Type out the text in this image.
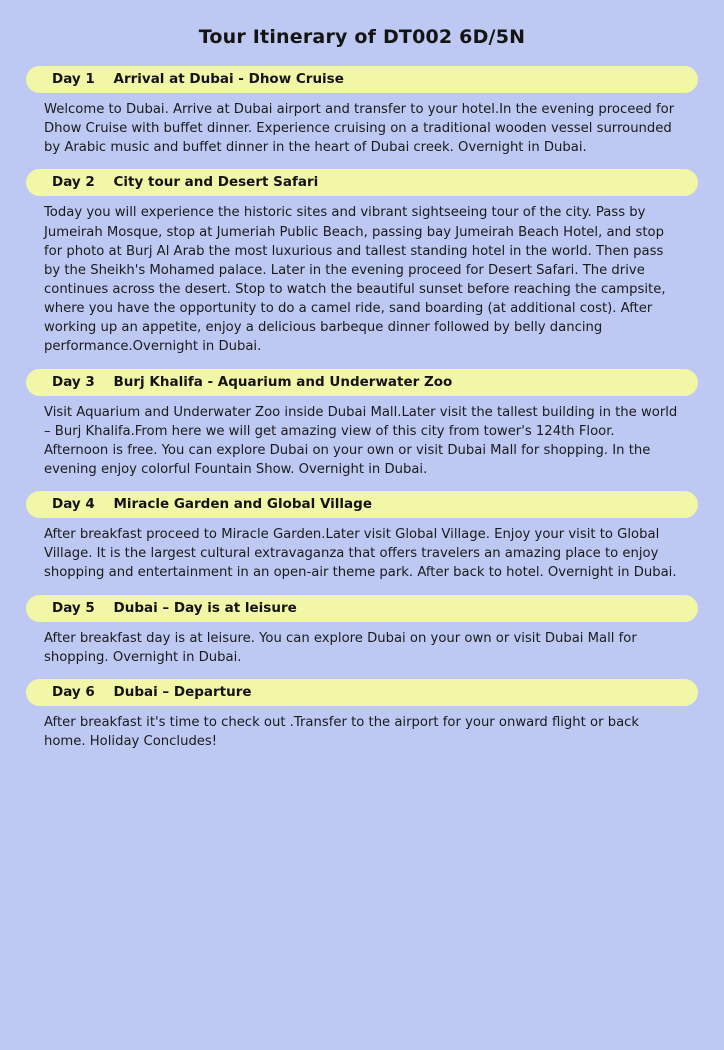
Tour Itinerary of DT002 6D/5N
Day 1 Arrival at Dubai - Dhow Cruise
Welcome to Dubai. Arrive at Dubai airport and transfer to your hotel.In the evening proceed for Dhow Cruise with buffet dinner. Experience cruising on a traditional wooden vessel surrounded by Arabic music and buffet dinner in the heart of Dubai creek. Overnight in Dubai.
Day 2 City tour and Desert Safari
Today you will experience the historic sites and vibrant sightseeing tour of the city. Pass by Jumeirah Mosque, stop at Jumeriah Public Beach, passing bay Jumeirah Beach Hotel, and stop for photo at Burj Al Arab the most luxurious and tallest standing hotel in the world. Then pass by the Sheikh's Mohamed palace. Later in the evening proceed for Desert Safari. The drive continues across the desert. Stop to watch the beautiful sunset before reaching the campsite, where you have the opportunity to do a camel ride, sand boarding (at additional cost). After working up an appetite, enjoy a delicious barbeque dinner followed by belly dancing performance.Overnight in Dubai.
Day 3 Burj Khalifa - Aquarium and Underwater Zoo
Visit Aquarium and Underwater Zoo inside Dubai Mall.Later visit the tallest building in the world – Burj Khalifa.From here we will get amazing view of this city from tower's 124th Floor. Afternoon is free. You can explore Dubai on your own or visit Dubai Mall for shopping. In the evening enjoy colorful Fountain Show. Overnight in Dubai.
Day 4 Miracle Garden and Global Village
After breakfast proceed to Miracle Garden.Later visit Global Village. Enjoy your visit to Global Village. It is the largest cultural extravaganza that offers travelers an amazing place to enjoy shopping and entertainment in an open-air theme park. After back to hotel. Overnight in Dubai.
Day 5 Dubai – Day is at leisure
After breakfast day is at leisure. You can explore Dubai on your own or visit Dubai Mall for shopping. Overnight in Dubai.
Day 6 Dubai – Departure
After breakfast it's time to check out .Transfer to the airport for your onward flight or back home. Holiday Concludes!
